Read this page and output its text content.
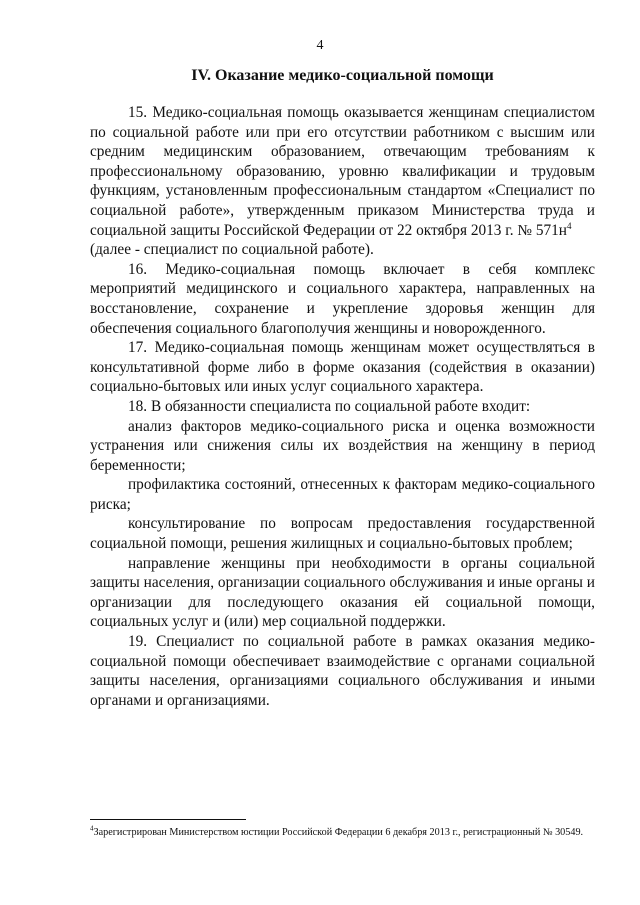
4
IV. Оказание медико-социальной помощи

15. Медико-социальная помощь оказывается женщинам специалистом по социальной работе или при его отсутствии работником с высшим или средним медицинским образованием, отвечающим требованиям к профессиональному образованию, уровню квалификации и трудовым функциям, установленным профессиональным стандартом «Специалист по социальной работе», утвержденным приказом Министерства труда и социальной защиты Российской Федерации от 22 октября 2013 г. № $571н^4$
(далее - специалист по социальной работе).

16. Медико-социальная помощь включает в себя комплекс мероприятий медицинского и социального характера, направленных на восстановление, сохранение и укрепление здоровья женщин для обеспечения социального благополучия женщины и новорожденного.

17. Медико-социальная помощь женщинам может осуществляться в консультативной форме либо в форме оказания (содействия в оказании) социально-бытовых или иных услуг социального характера.

18. В обязанности специалиста по социальной работе входит:

анализ факторов медико-социального риска и оценка возможности устранения или снижения силы их воздействия на женщину в период беременности;

профилактика состояний, отнесенных к факторам медико-социального риска;

консультирование по вопросам предоставления государственной социальной помощи, решения жилищных и социально-бытовых проблем;

направление женщины при необходимости в органы социальной защиты населения, организации социального обслуживания и иные органы и организации для последующего оказания ей социальной помощи, социальных услуг и (или) мер социальной поддержки.

19. Специалист по социальной работе в рамках оказания медико-социальной помощи обеспечивает взаимодействие с органами социальной защиты населения, организациями социального обслуживания и иными органами и организациями.

$^4$Зарегистрирован Министерством юстиции Российской Федерации 6 декабря 2013 г., регистрационный № 30549.
